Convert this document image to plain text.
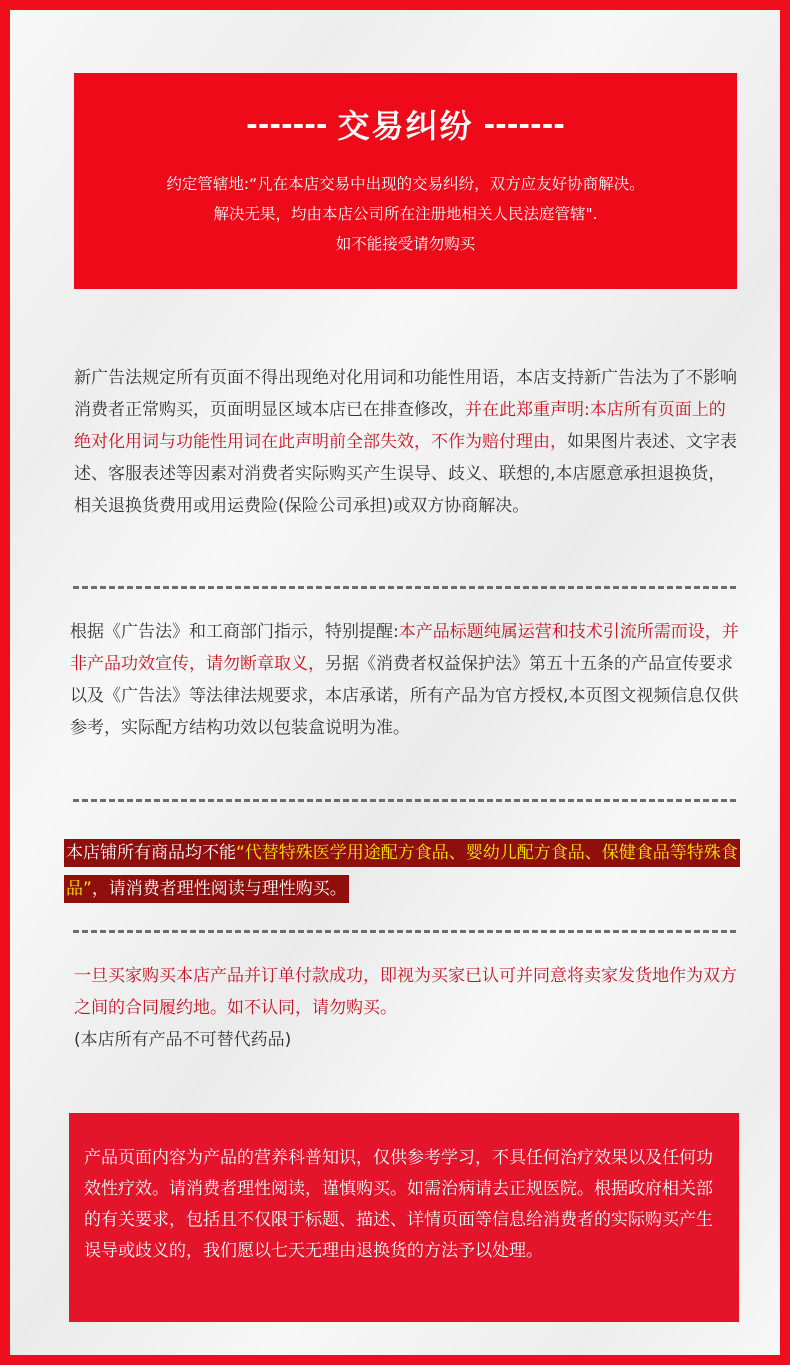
------- 交易纠纷 -------
约定管辖地:“凡在本店交易中出现的交易纠纷，双方应友好协商解决。
解决无果，均由本店公司所在注册地相关人民法庭管辖".
如不能接受请勿购买
新广告法规定所有页面不得出现绝对化用词和功能性用语，本店支持新广告法为了不影响消费者正常购买，页面明显区域本店已在排查修改，并在此郑重声明:本店所有页面上的绝对化用词与功能性用词在此声明前全部失效，不作为赔付理由，如果图片表述、文字表述、客服表述等因素对消费者实际购买产生误导、歧义、联想的,本店愿意承担退换货，相关退换货费用或用运费险(保险公司承担)或双方协商解决。
根据《广告法》和工商部门指示，特别提醒:本产品标题纯属运营和技术引流所需而设，并非产品功效宣传，请勿断章取义，另据《消费者权益保护法》第五十五条的产品宣传要求以及《广告法》等法律法规要求，本店承诺，所有产品为官方授权,本页图文视频信息仅供参考，实际配方结构功效以包装盒说明为准。
本店铺所有商品均不能“代替特殊医学用途配方食品、婴幼儿配方食品、保健食品等特殊食品”，请消费者理性阅读与理性购买。
一旦买家购买本店产品并订单付款成功，即视为买家已认可并同意将卖家发货地作为双方之间的合同履约地。如不认同，请勿购买。
(本店所有产品不可替代药品)
产品页面内容为产品的营养科普知识，仅供参考学习，不具任何治疗效果以及任何功效性疗效。请消费者理性阅读，谨慎购买。如需治病请去正规医院。根据政府相关部的有关要求，包括且不仅限于标题、描述、详情页面等信息给消费者的实际购买产生误导或歧义的，我们愿以七天无理由退换货的方法予以处理。
